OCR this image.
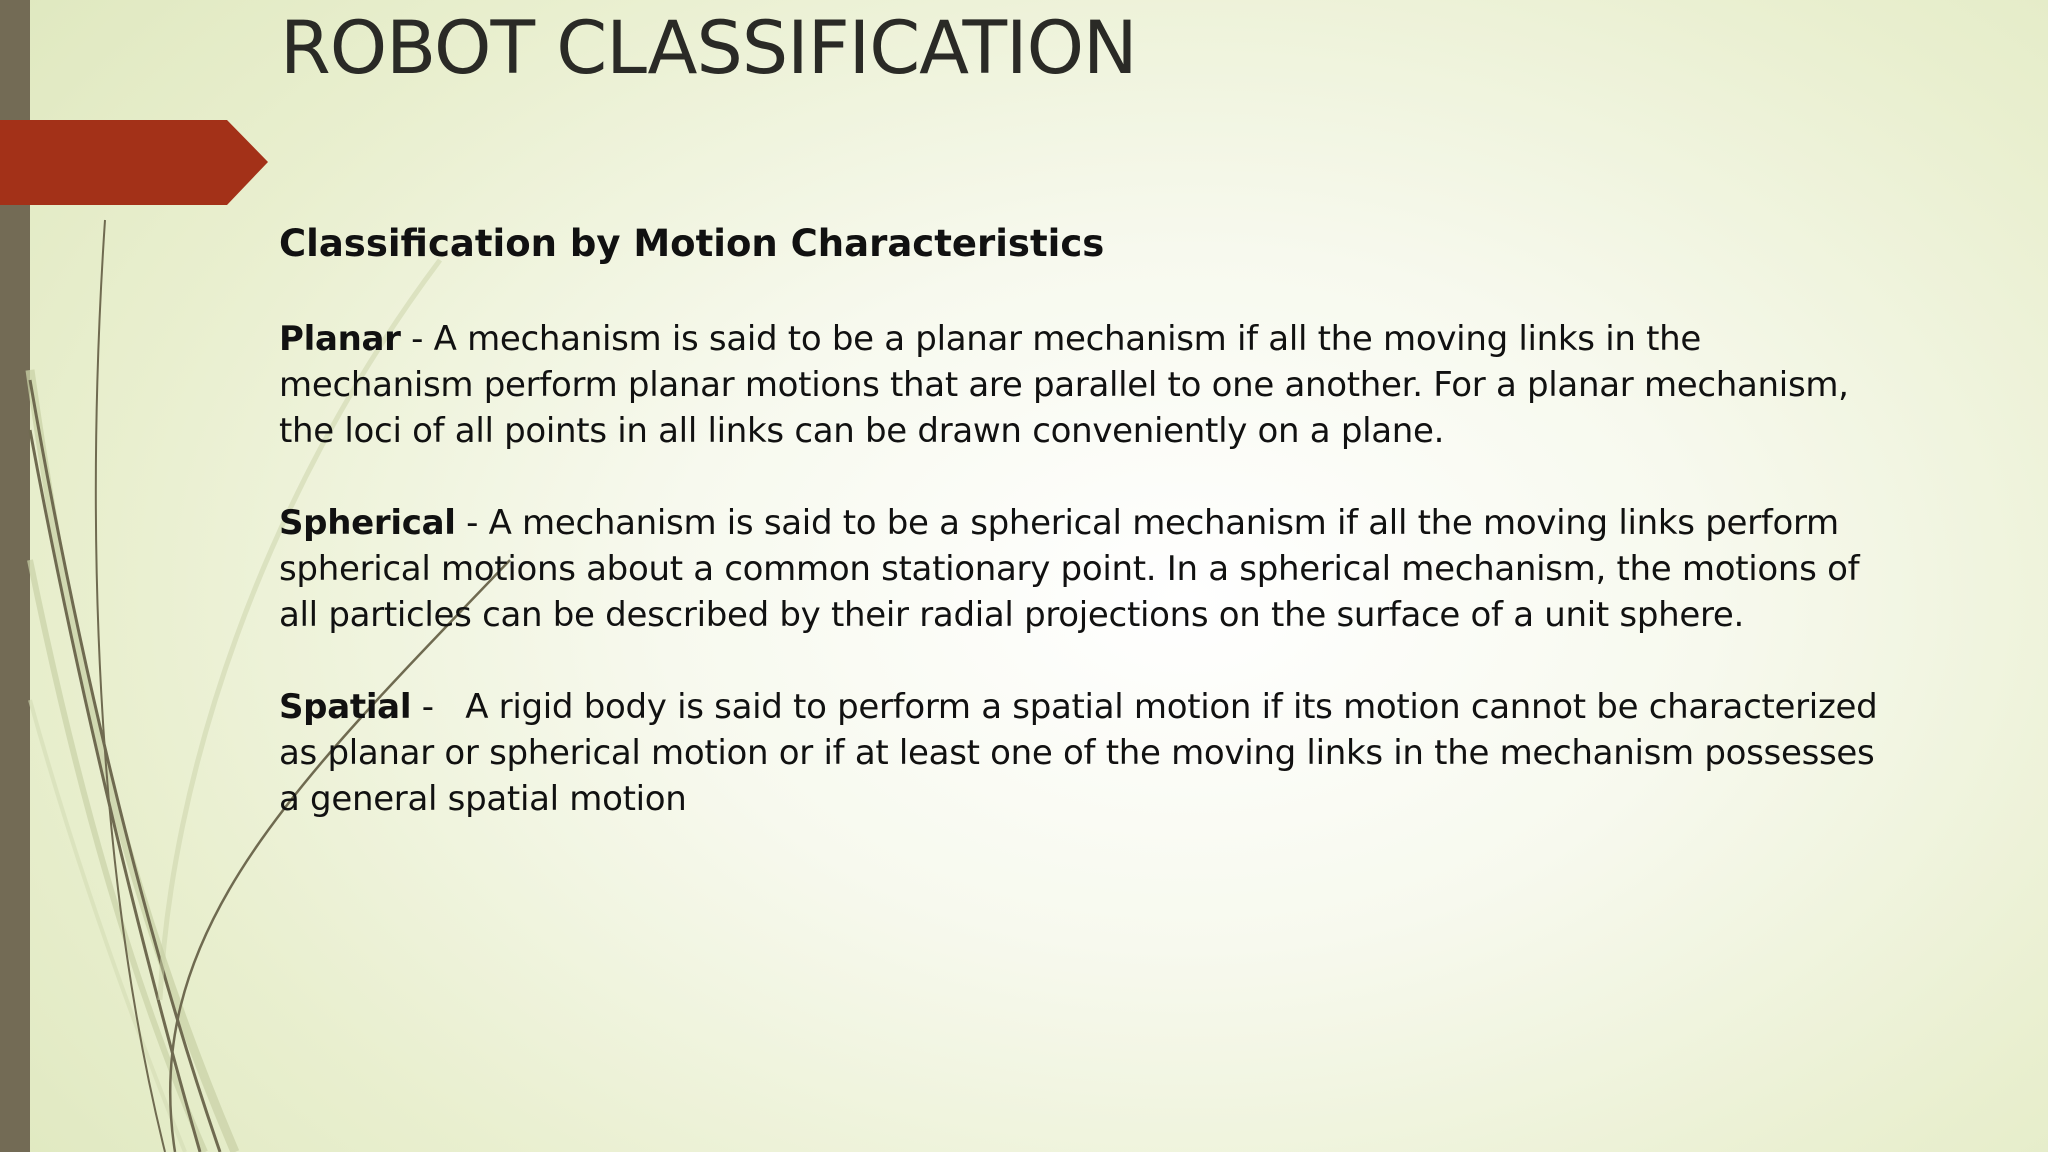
ROBOT CLASSIFICATION
Classification by Motion Characteristics

Planar - A mechanism is said to be a planar mechanism if all the moving links in the mechanism perform planar motions that are parallel to one another. For a planar mechanism, the loci of all points in all links can be drawn conveniently on a plane.

Spherical - A mechanism is said to be a spherical mechanism if all the moving links perform spherical motions about a common stationary point. In a spherical mechanism, the motions of all particles can be described by their radial projections on the surface of a unit sphere.

Spatial -   A rigid body is said to perform a spatial motion if its motion cannot be characterized as planar or spherical motion or if at least one of the moving links in the mechanism possesses a general spatial motion
